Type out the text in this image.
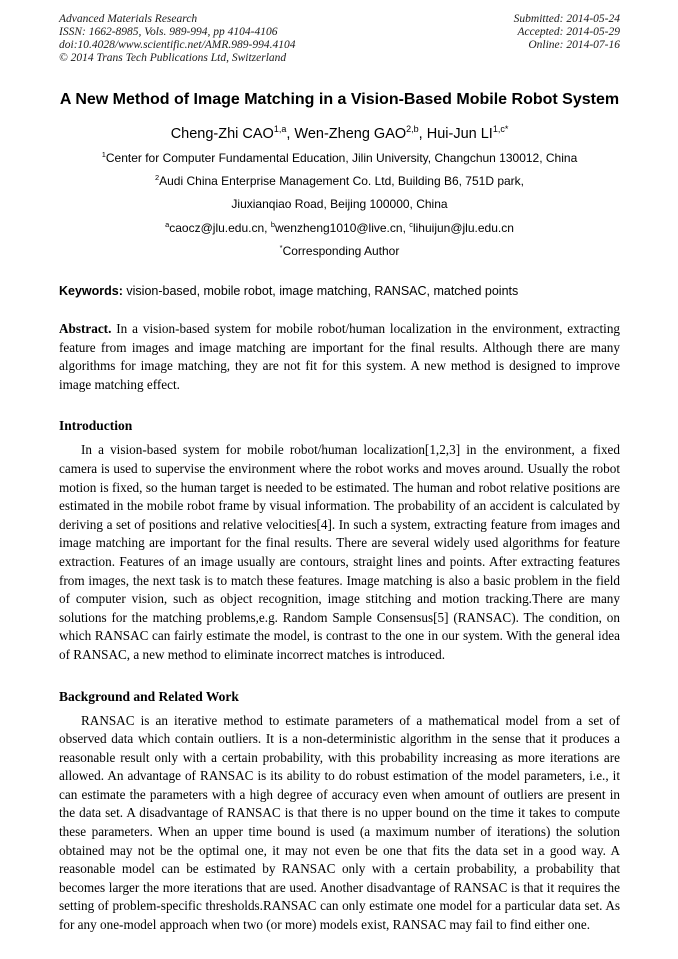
Advanced Materials Research
ISSN: 1662-8985, Vols. 989-994, pp 4104-4106
doi:10.4028/www.scientific.net/AMR.989-994.4104
© 2014 Trans Tech Publications Ltd, Switzerland
Submitted: 2014-05-24
Accepted: 2014-05-29
Online: 2014-07-16
A New Method of Image Matching in a Vision-Based Mobile Robot System
Cheng-Zhi CAO$^{1,a}$, Wen-Zheng GAO$^{2,b}$, Hui-Jun $LI^{1,c*}$
$^1$Center for Computer Fundamental Education, Jilin University, Changchun 130012, China
$^2$Audi China Enterprise Management Co. Ltd, Building B6, 751D park,
Jiuxianqiao Road, Beijing 100000, China
$^a$caocz@jlu.edu.cn, $^b$wenzheng1010@live.cn, $^c$lihuijun@jlu.edu.cn
*Corresponding Author
Keywords: vision-based, mobile robot, image matching, RANSAC, matched points

Abstract. In a vision-based system for mobile robot/human localization in the environment, extracting feature from images and image matching are important for the final results. Although there are many algorithms for image matching, they are not fit for this system. A new method is designed to improve image matching effect.

Introduction

In a vision-based system for mobile robot/human localization[1,2,3] in the environment, a fixed camera is used to supervise the environment where the robot works and moves around. Usually the robot motion is fixed, so the human target is needed to be estimated. The human and robot relative positions are estimated in the mobile robot frame by visual information. The probability of an accident is calculated by deriving a set of positions and relative velocities[4]. In such a system, extracting feature from images and image matching are important for the final results. There are several widely used algorithms for feature extraction. Features of an image usually are contours, straight lines and points. After extracting features from images, the next task is to match these features. Image matching is also a basic problem in the field of computer vision, such as object recognition, image stitching and motion tracking.There are many solutions for the matching problems,e.g. Random Sample Consensus[5] (RANSAC). The condition, on which RANSAC can fairly estimate the model, is contrast to the one in our system. With the general idea of RANSAC, a new method to eliminate incorrect matches is introduced.

Background and Related Work

RANSAC is an iterative method to estimate parameters of a mathematical model from a set of observed data which contain outliers. It is a non-deterministic algorithm in the sense that it produces a reasonable result only with a certain probability, with this probability increasing as more iterations are allowed. An advantage of RANSAC is its ability to do robust estimation of the model parameters, i.e., it can estimate the parameters with a high degree of accuracy even when amount of outliers are present in the data set. A disadvantage of RANSAC is that there is no upper bound on the time it takes to compute these parameters. When an upper time bound is used (a maximum number of iterations) the solution obtained may not be the optimal one, it may not even be one that fits the data set in a good way. A reasonable model can be estimated by RANSAC only with a certain probability, a probability that becomes larger the more iterations that are used. Another disadvantage of RANSAC is that it requires the setting of problem-specific thresholds.RANSAC can only estimate one model for a particular data set. As for any one-model approach when two (or more) models exist, RANSAC may fail to find either one.
